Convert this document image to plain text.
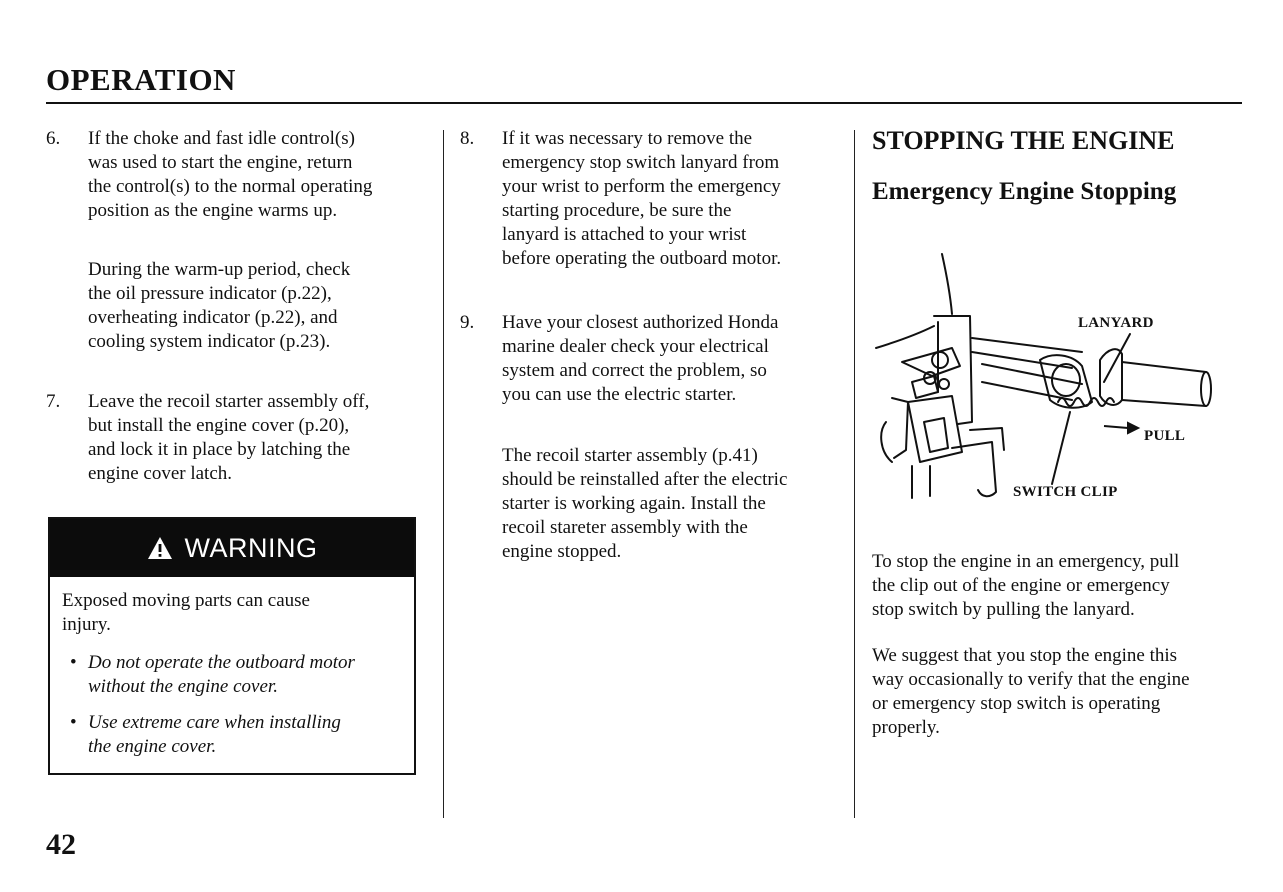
OPERATION
6. If the choke and fast idle control(s)
was used to start the engine, return
the control(s) to the normal operating
position as the engine warms up.
During the warm-up period, check
the oil pressure indicator (p.22),
overheating indicator (p.22), and
cooling system indicator (p.23).
7. Leave the recoil starter assembly off,
but install the engine cover (p.20),
and lock it in place by latching the
engine cover latch.
WARNING
Exposed moving parts can cause
injury.
• Do not operate the outboard motor
without the engine cover.
• Use extreme care when installing
the engine cover.
8. If it was necessary to remove the
emergency stop switch lanyard from
your wrist to perform the emergency
starting procedure, be sure the
lanyard is attached to your wrist
before operating the outboard motor.
9. Have your closest authorized Honda
marine dealer check your electrical
system and correct the problem, so
you can use the electric starter.
The recoil starter assembly (p.41)
should be reinstalled after the electric
starter is working again. Install the
recoil stareter assembly with the
engine stopped.
STOPPING THE ENGINE
Emergency Engine Stopping
LANYARD
PULL
SWITCH CLIP
To stop the engine in an emergency, pull
the clip out of the engine or emergency
stop switch by pulling the lanyard.
We suggest that you stop the engine this
way occasionally to verify that the engine
or emergency stop switch is operating
properly.
42
